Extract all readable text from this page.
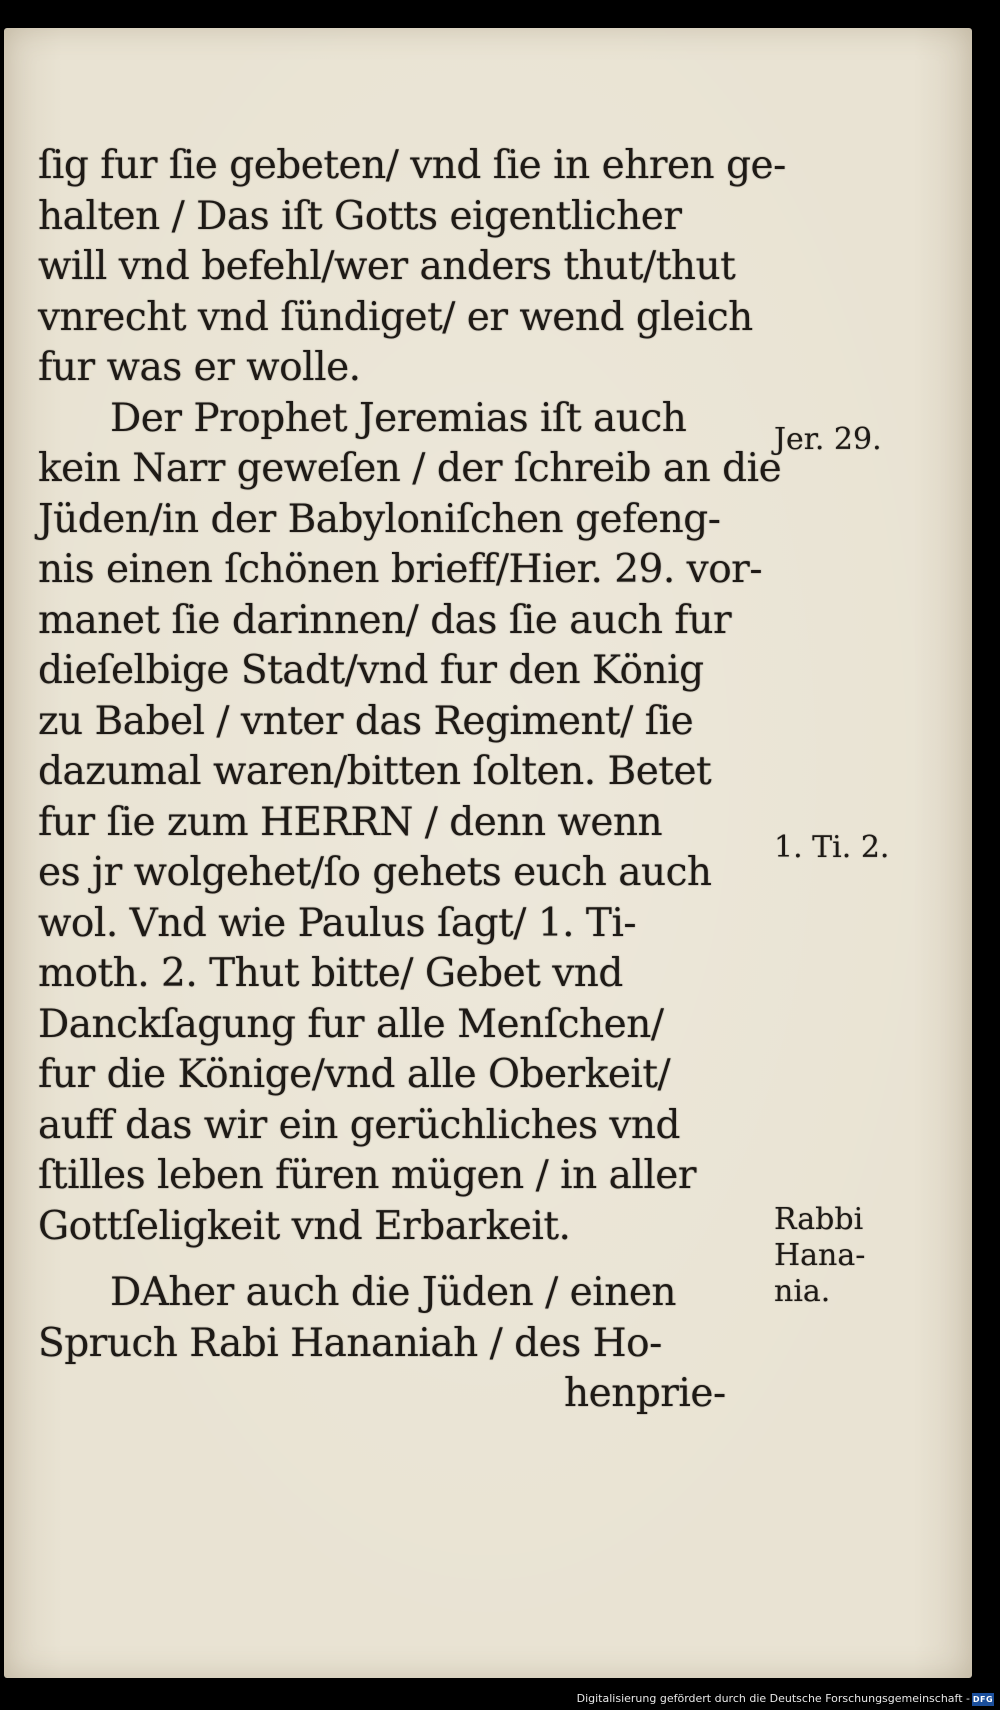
ſig fur ſie gebeten/ vnd ſie in ehren ge-
halten / Das iſt Gotts eigentlicher
will vnd befehl/wer anders thut/thut
vnrecht vnd ſündiget/ er wend gleich
fur was er wolle.
Der Prophet Jeremias iſt auch
kein Narr geweſen / der ſchreib an die
Jüden/in der Babyloniſchen gefeng-
nis einen ſchönen brieff/Hier. 29. vor-
manet ſie darinnen/ das ſie auch fur
dieſelbige Stadt/vnd fur den König
zu Babel / vnter das Regiment/ ſie
dazumal waren/bitten ſolten. Betet
fur ſie zum HERRN / denn wenn
es jr wolgehet/ſo gehets euch auch
wol. Vnd wie Paulus ſagt/ 1. Ti-
moth. 2. Thut bitte/ Gebet vnd
Danckſagung fur alle Menſchen/
fur die Könige/vnd alle Oberkeit/
auff das wir ein gerüchliches vnd
ſtilles leben füren mügen / in aller
Gottſeligkeit vnd Erbarkeit.
DAher auch die Jüden / einen
Spruch Rabi Hananiah / des Ho-
henprie-
Jer. 29.
1. Ti. 2.
Rabbi
Hana-
nia.
Digitalisierung gefördert durch die Deutsche Forschungsgemeinschaft - DFG
